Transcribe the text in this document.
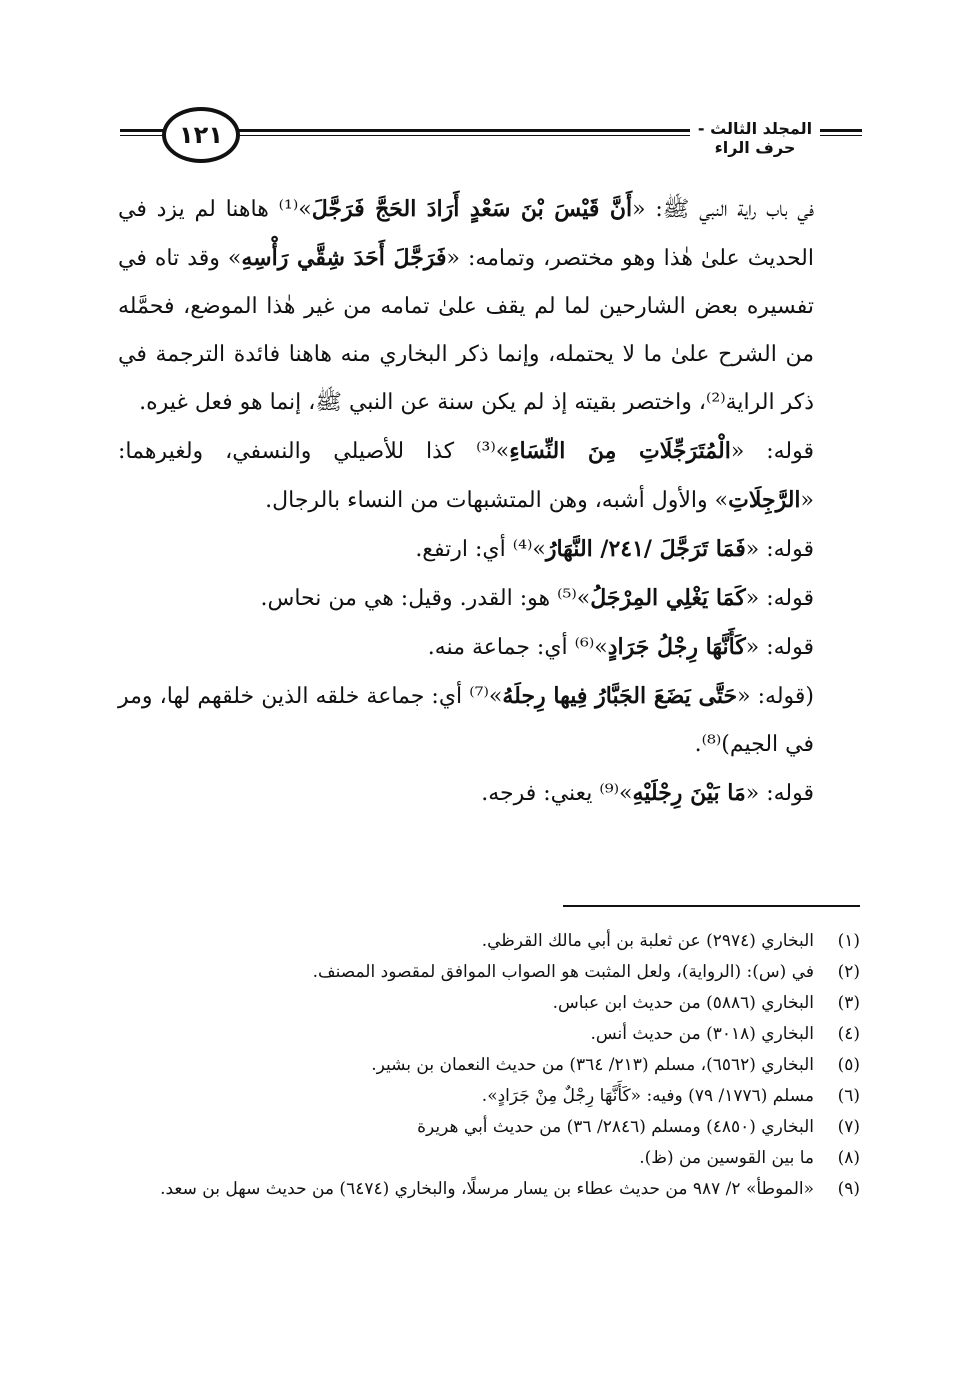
١٢١	المجلد الثالث - حرف الراء

في باب راية النبي ﷺ: «أَنَّ قَيْسَ بْنَ سَعْدٍ أَرَادَ الحَجَّ فَرَجَّلَ»⁽¹⁾ هاهنا لم يزد في الحديث علىٰ هٰذا وهو مختصر، وتمامه: «فَرَجَّلَ أَحَدَ شِقَّي رَأْسِهِ» وقد تاه في تفسيره بعض الشارحين لما لم يقف علىٰ تمامه من غير هٰذا الموضع، فحمَّله من الشرح علىٰ ما لا يحتمله، وإنما ذكر البخاري منه هاهنا فائدة الترجمة في ذكر الراية⁽²⁾، واختصر بقيته إذ لم يكن سنة عن النبي ﷺ، إنما هو فعل غيره.

قوله: «الْمُتَرَجِّلَاتِ مِنَ النِّسَاءِ»⁽³⁾ كذا للأصيلي والنسفي، ولغيرهما: «الرَّجِلَاتِ» والأول أشبه، وهن المتشبهات من النساء بالرجال.

قوله: «فَمَا تَرَجَّلَ /٢٤١/ النَّهَارُ»⁽⁴⁾ أي: ارتفع.

قوله: «كَمَا يَغْلِي المِرْجَلُ»⁽⁵⁾ هو: القدر. وقيل: هي من نحاس.

قوله: «كَأَنَّهَا رِجْلُ جَرَادٍ»⁽⁶⁾ أي: جماعة منه.

(قوله: «حَتَّى يَضَعَ الجَبَّارُ فِيها رِجلَهُ»⁽⁷⁾ أي: جماعة خلقه الذين خلقهم لها، ومر في الجيم)⁽⁸⁾.

قوله: «مَا بَيْنَ رِجْلَيْهِ»⁽⁹⁾ يعني: فرجه.

(١)
البخاري (٢٩٧٤) عن ثعلبة بن أبي مالك القرظي.
(٢)
في (س): (الرواية)، ولعل المثبت هو الصواب الموافق لمقصود المصنف.
(٣)
البخاري (٥٨٨٦) من حديث ابن عباس.
(٤)
البخاري (٣٠١٨) من حديث أنس.
(٥)
البخاري (٦٥٦٢)، مسلم (٢١٣/ ٣٦٤) من حديث النعمان بن بشير.
(٦)
مسلم (١٧٧٦/ ٧٩) وفيه: «كَأَنَّهَا رِجْلٌ مِنْ جَرَادٍ».
(٧)
البخاري (٤٨٥٠) ومسلم (٢٨٤٦/ ٣٦) من حديث أبي هريرة
(٨)
ما بين القوسين من (ظ).
(٩)
«الموطأ» ٢/ ٩٨٧ من حديث عطاء بن يسار مرسلًا، والبخاري (٦٤٧٤) من حديث سهل بن سعد.
